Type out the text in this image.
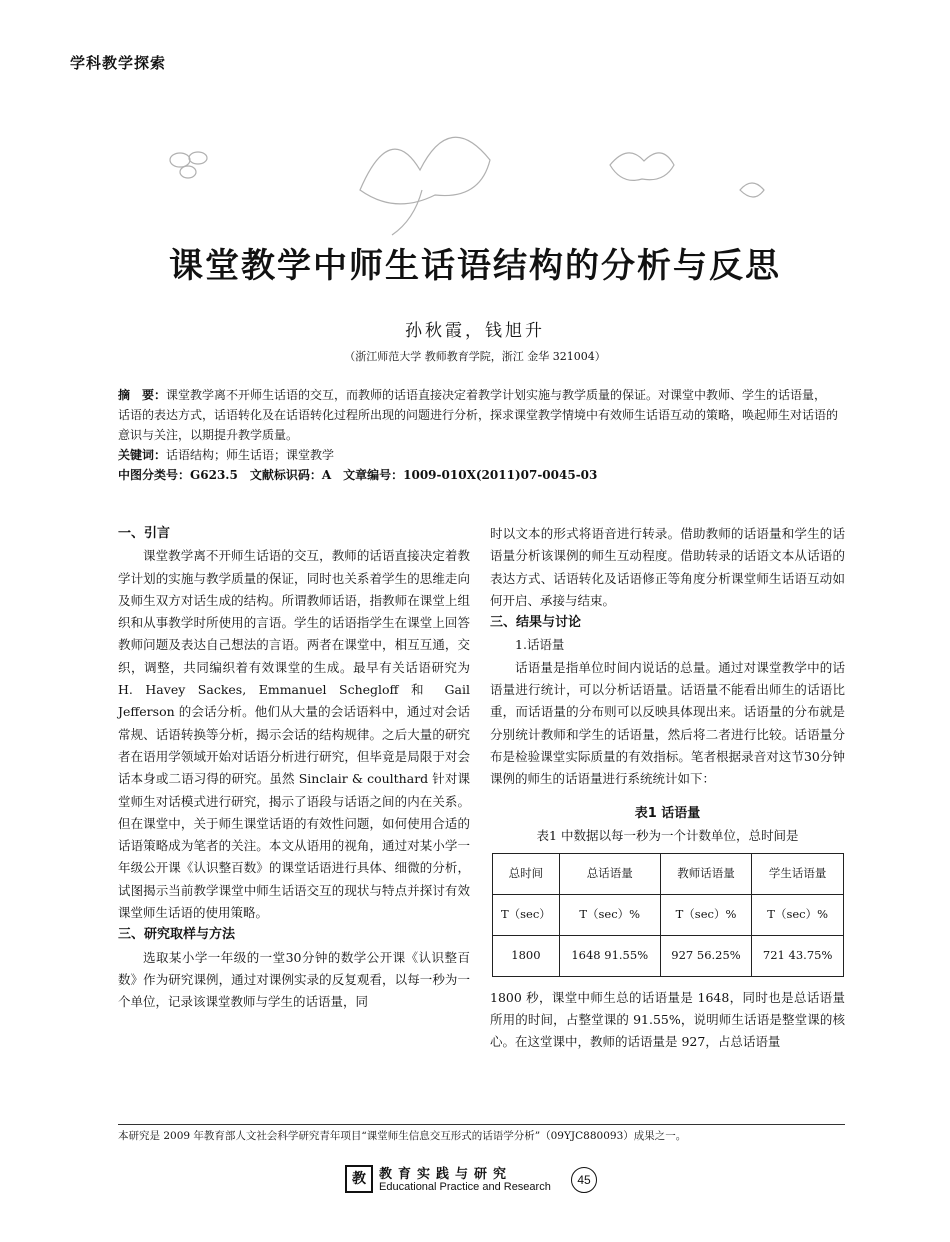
学科教学探索
课堂教学中师生话语结构的分析与反思
孙秋霞，钱旭升
（浙江师范大学 教师教育学院，浙江 金华 321004）

摘　要：课堂教学离不开师生话语的交互，而教师的话语直接决定着教学计划实施与教学质量的保证。对课堂中教师、学生的话语量，话语的表达方式，话语转化及在话语转化过程所出现的问题进行分析，探求课堂教学情境中有效师生话语互动的策略，唤起师生对话语的意识与关注，以期提升教学质量。

关键词：话语结构；师生话语；课堂教学

中图分类号：G623.5　文献标识码：A　文章编号：1009-010X(2011)07-0045-03

一、引言

课堂教学离不开师生话语的交互，教师的话语直接决定着教学计划的实施与教学质量的保证，同时也关系着学生的思维走向及师生双方对话生成的结构。所谓教师话语，指教师在课堂上组织和从事教学时所使用的言语。学生的话语指学生在课堂上回答教师问题及表达自己想法的言语。两者在课堂中，相互互通，交织，调整，共同编织着有效课堂的生成。最早有关话语研究为 H. Havey Sackes, Emmanuel Schegloff 和 Gail Jefferson 的会话分析。他们从大量的会话语料中，通过对会话常规、话语转换等分析，揭示会话的结构规律。之后大量的研究者在语用学领域开始对话语分析进行研究，但毕竟是局限于对会话本身或二语习得的研究。虽然 Sinclair & coulthard 针对课堂师生对话模式进行研究，揭示了语段与话语之间的内在关系。但在课堂中，关于师生课堂话语的有效性问题，如何使用合适的话语策略成为笔者的关注。本文从语用的视角，通过对某小学一年级公开课《认识整百数》的课堂话语进行具体、细微的分析，试图揭示当前教学课堂中师生话语交互的现状与特点并探讨有效课堂师生话语的使用策略。

三、研究取样与方法

选取某小学一年级的一堂30分钟的数学公开课《认识整百数》作为研究课例，通过对课例实录的反复观看，以每一秒为一个单位，记录该课堂教师与学生的话语量，同

时以文本的形式将语音进行转录。借助教师的话语量和学生的话语量分析该课例的师生互动程度。借助转录的话语文本从话语的表达方式、话语转化及话语修正等角度分析课堂师生话语互动如何开启、承接与结束。

三、结果与讨论
1.话语量

话语量是指单位时间内说话的总量。通过对课堂教学中的话语量进行统计，可以分析话语量。话语量不能看出师生的话语比重，而话语量的分布则可以反映具体现出来。话语量的分布就是分别统计教师和学生的话语量，然后将二者进行比较。话语量分布是检验课堂实际质量的有效指标。笔者根据录音对这节30分钟课例的师生的话语量进行系统统计如下：

表1 话语量
表1 中数据以每一秒为一个计数单位，总时间是
总时间	总话语量	教师话语量	学生话语量
T（sec）	T（sec）%	T（sec）%	T（sec）%
1800	1648 91.55%	927 56.25%	721 43.75%

1800 秒，课堂中师生总的话语量是 1648，同时也是总话语量所用的时间，占整堂课的 91.55%，说明师生话语是整堂课的核心。在这堂课中，教师的话语量是 927，占总话语量

本研究是 2009 年教育部人文社会科学研究青年项目“课堂师生信息交互形式的话语学分析”（09YJC880093）成果之一。
教	教育实践与研究
Educational Practice and Research	45
